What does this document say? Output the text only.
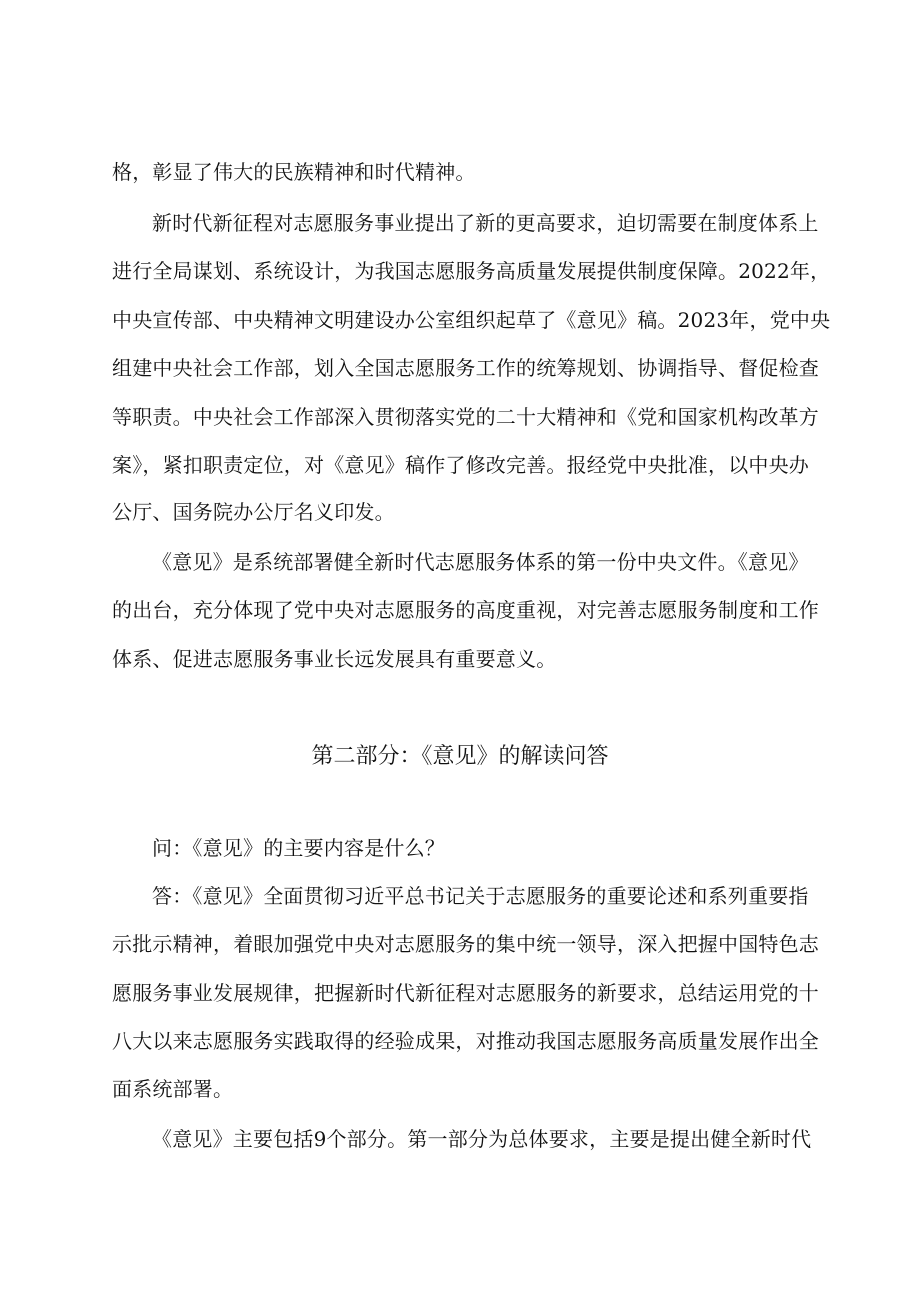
格，彰显了伟大的民族精神和时代精神。
新时代新征程对志愿服务事业提出了新的更高要求，迫切需要在制度体系上
进行全局谋划、系统设计，为我国志愿服务高质量发展提供制度保障。2022年，
中央宣传部、中央精神文明建设办公室组织起草了《意见》稿。2023年，党中央
组建中央社会工作部，划入全国志愿服务工作的统筹规划、协调指导、督促检查
等职责。中央社会工作部深入贯彻落实党的二十大精神和《党和国家机构改革方
案》，紧扣职责定位，对《意见》稿作了修改完善。报经党中央批准，以中央办
公厅、国务院办公厅名义印发。
《意见》是系统部署健全新时代志愿服务体系的第一份中央文件。《意见》
的出台，充分体现了党中央对志愿服务的高度重视，对完善志愿服务制度和工作
体系、促进志愿服务事业长远发展具有重要意义。
第二部分：《意见》的解读问答
问：《意见》的主要内容是什么？
答：《意见》全面贯彻习近平总书记关于志愿服务的重要论述和系列重要指
示批示精神，着眼加强党中央对志愿服务的集中统一领导，深入把握中国特色志
愿服务事业发展规律，把握新时代新征程对志愿服务的新要求，总结运用党的十
八大以来志愿服务实践取得的经验成果，对推动我国志愿服务高质量发展作出全
面系统部署。
《意见》主要包括9个部分。第一部分为总体要求，主要是提出健全新时代
